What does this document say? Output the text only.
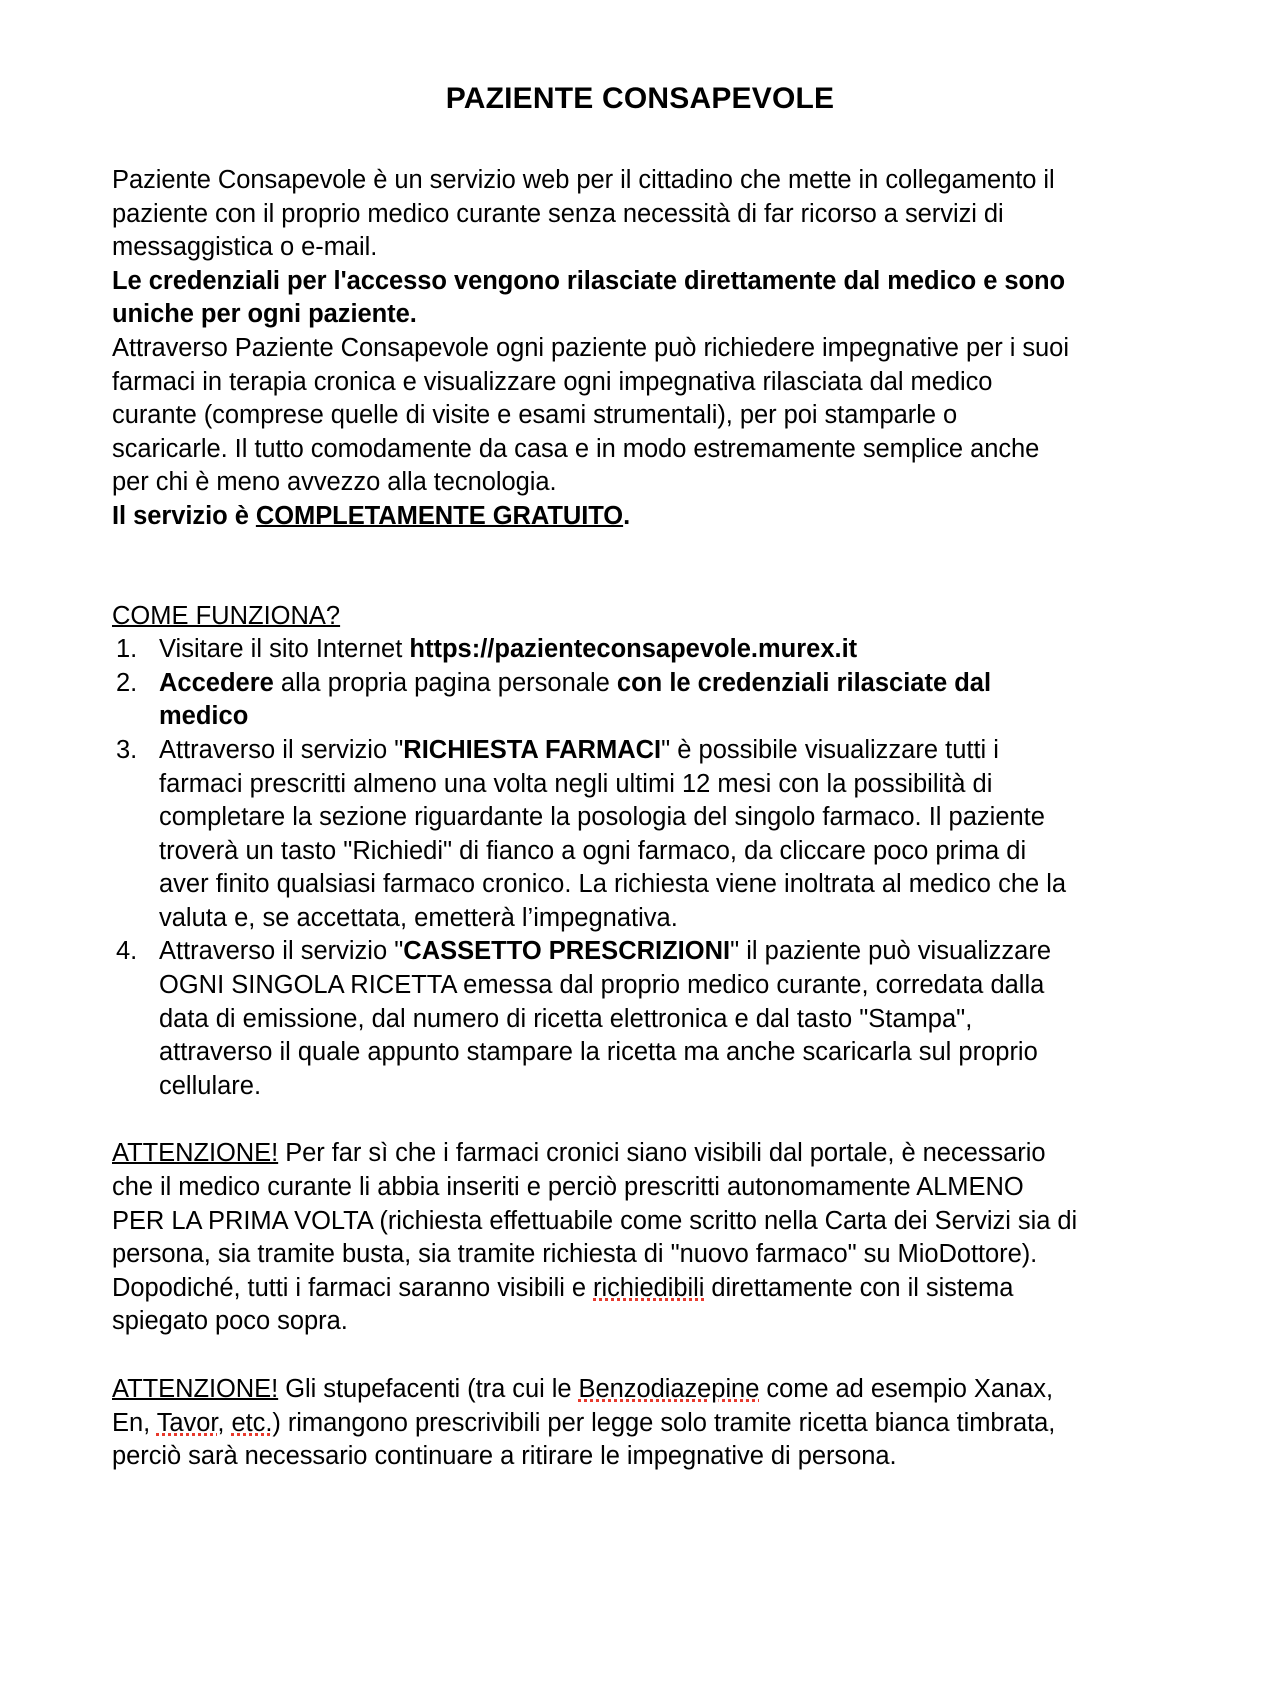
PAZIENTE CONSAPEVOLE

Paziente Consapevole è un servizio web per il cittadino che mette in collegamento il paziente con il proprio medico curante senza necessità di far ricorso a servizi di messaggistica o e-mail.

Le credenziali per l'accesso vengono rilasciate direttamente dal medico e sono uniche per ogni paziente.

Attraverso Paziente Consapevole ogni paziente può richiedere impegnative per i suoi farmaci in terapia cronica e visualizzare ogni impegnativa rilasciata dal medico curante (comprese quelle di visite e esami strumentali), per poi stamparle o scaricarle. Il tutto comodamente da casa e in modo estremamente semplice anche per chi è meno avvezzo alla tecnologia.

Il servizio è COMPLETAMENTE GRATUITO.

COME FUNZIONA?
1. Visitare il sito Internet https://pazienteconsapevole.murex.it
2. Accedere alla propria pagina personale con le credenziali rilasciate dal medico
3. Attraverso il servizio "RICHIESTA FARMACI" è possibile visualizzare tutti i farmaci prescritti almeno una volta negli ultimi 12 mesi con la possibilità di completare la sezione riguardante la posologia del singolo farmaco. Il paziente troverà un tasto "Richiedi" di fianco a ogni farmaco, da cliccare poco prima di aver finito qualsiasi farmaco cronico. La richiesta viene inoltrata al medico che la valuta e, se accettata, emetterà l’impegnativa.
4. Attraverso il servizio "CASSETTO PRESCRIZIONI" il paziente può visualizzare OGNI SINGOLA RICETTA emessa dal proprio medico curante, corredata dalla data di emissione, dal numero di ricetta elettronica e dal tasto "Stampa", attraverso il quale appunto stampare la ricetta ma anche scaricarla sul proprio cellulare.

ATTENZIONE! Per far sì che i farmaci cronici siano visibili dal portale, è necessario che il medico curante li abbia inseriti e perciò prescritti autonomamente ALMENO PER LA PRIMA VOLTA (richiesta effettuabile come scritto nella Carta dei Servizi sia di persona, sia tramite busta, sia tramite richiesta di "nuovo farmaco" su MioDottore).

Dopodiché, tutti i farmaci saranno visibili e richiedibili direttamente con il sistema spiegato poco sopra.

ATTENZIONE! Gli stupefacenti (tra cui le Benzodiazepine come ad esempio Xanax, En, Tavor, etc.) rimangono prescrivibili per legge solo tramite ricetta bianca timbrata, perciò sarà necessario continuare a ritirare le impegnative di persona.
